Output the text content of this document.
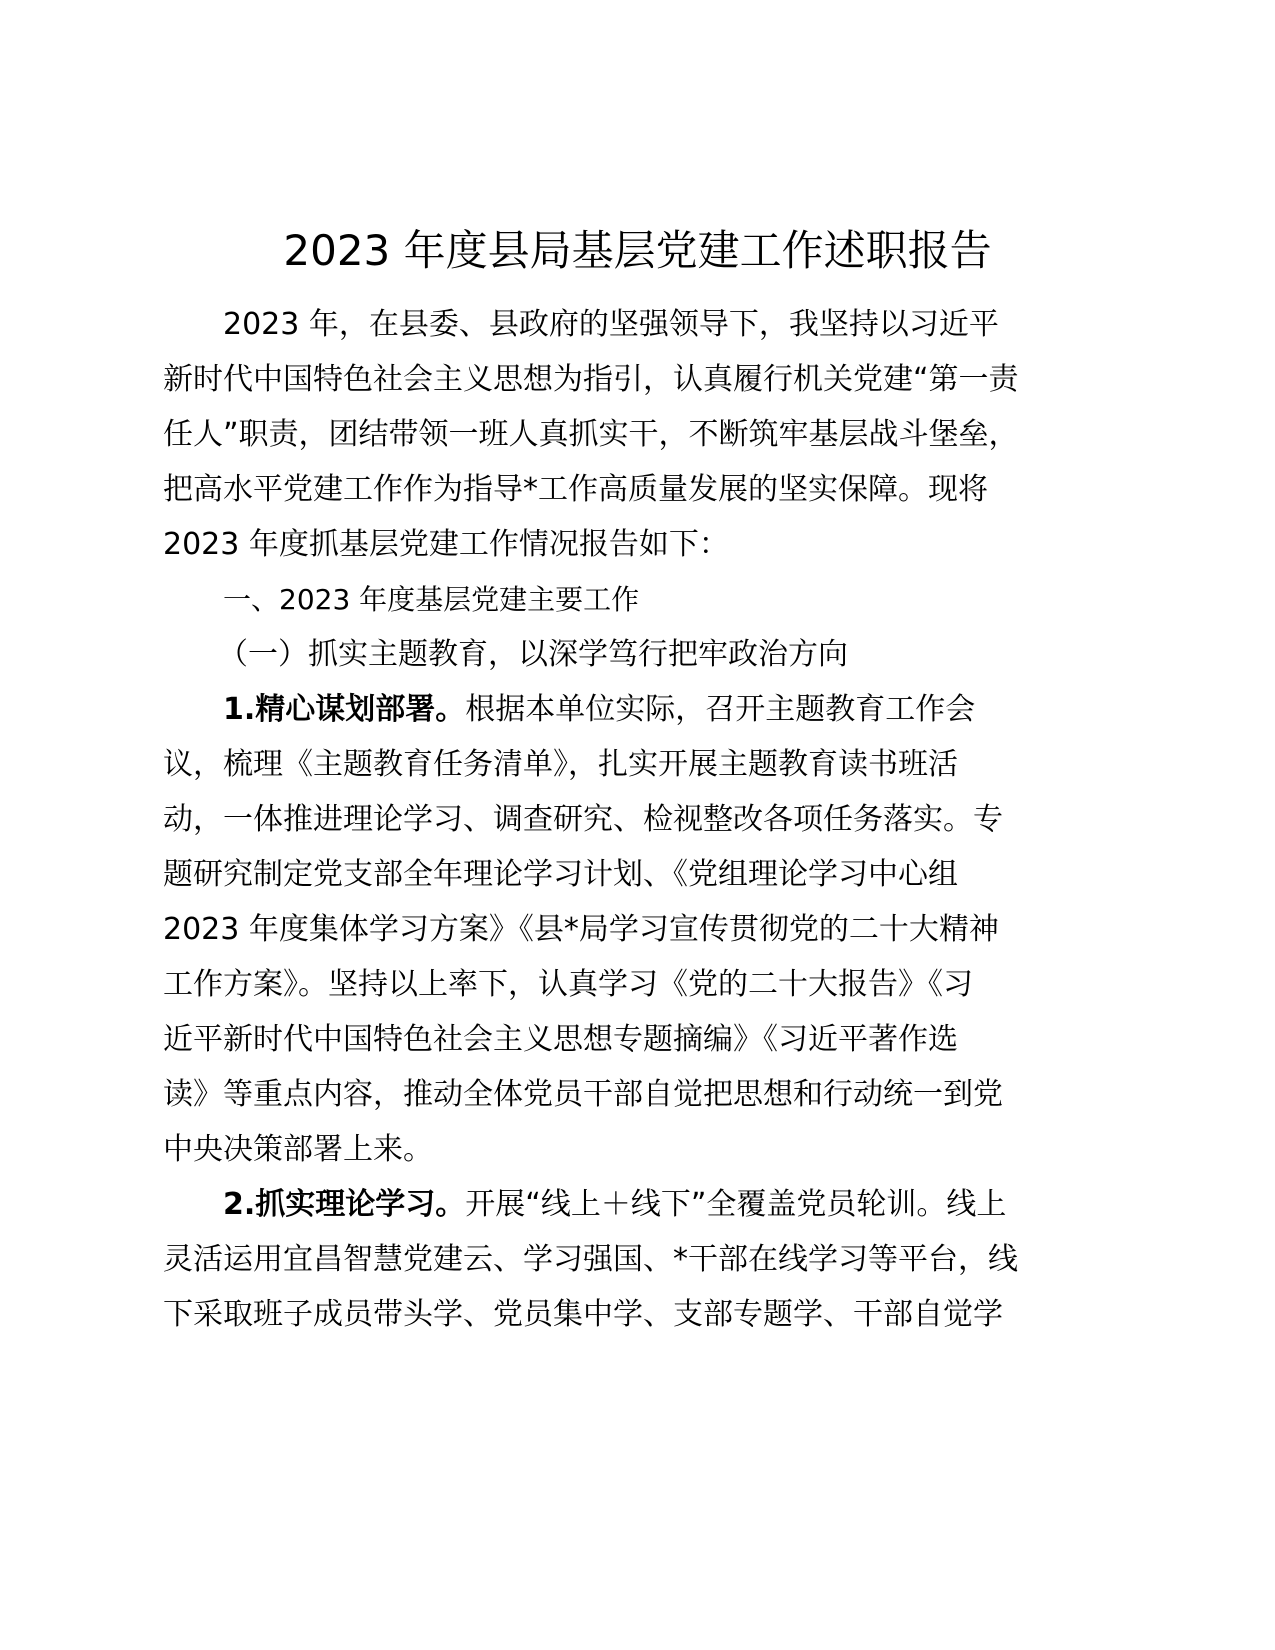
2023 年度县局基层党建工作述职报告
2023 年，在县委、县政府的坚强领导下，我坚持以习近平
新时代中国特色社会主义思想为指引，认真履行机关党建“第一责
任人”职责，团结带领一班人真抓实干，不断筑牢基层战斗堡垒，
把高水平党建工作作为指导*工作高质量发展的坚实保障。现将
2023 年度抓基层党建工作情况报告如下：
一、2023 年度基层党建主要工作
（一）抓实主题教育，以深学笃行把牢政治方向
1.精心谋划部署。根据本单位实际，召开主题教育工作会
议，梳理《主题教育任务清单》，扎实开展主题教育读书班活
动，一体推进理论学习、调查研究、检视整改各项任务落实。专
题研究制定党支部全年理论学习计划、《党组理论学习中心组
2023 年度集体学习方案》《县*局学习宣传贯彻党的二十大精神
工作方案》。坚持以上率下，认真学习《党的二十大报告》《习
近平新时代中国特色社会主义思想专题摘编》《习近平著作选
读》等重点内容，推动全体党员干部自觉把思想和行动统一到党
中央决策部署上来。
2.抓实理论学习。开展“线上＋线下”全覆盖党员轮训。线上
灵活运用宜昌智慧党建云、学习强国、*干部在线学习等平台，线
下采取班子成员带头学、党员集中学、支部专题学、干部自觉学
